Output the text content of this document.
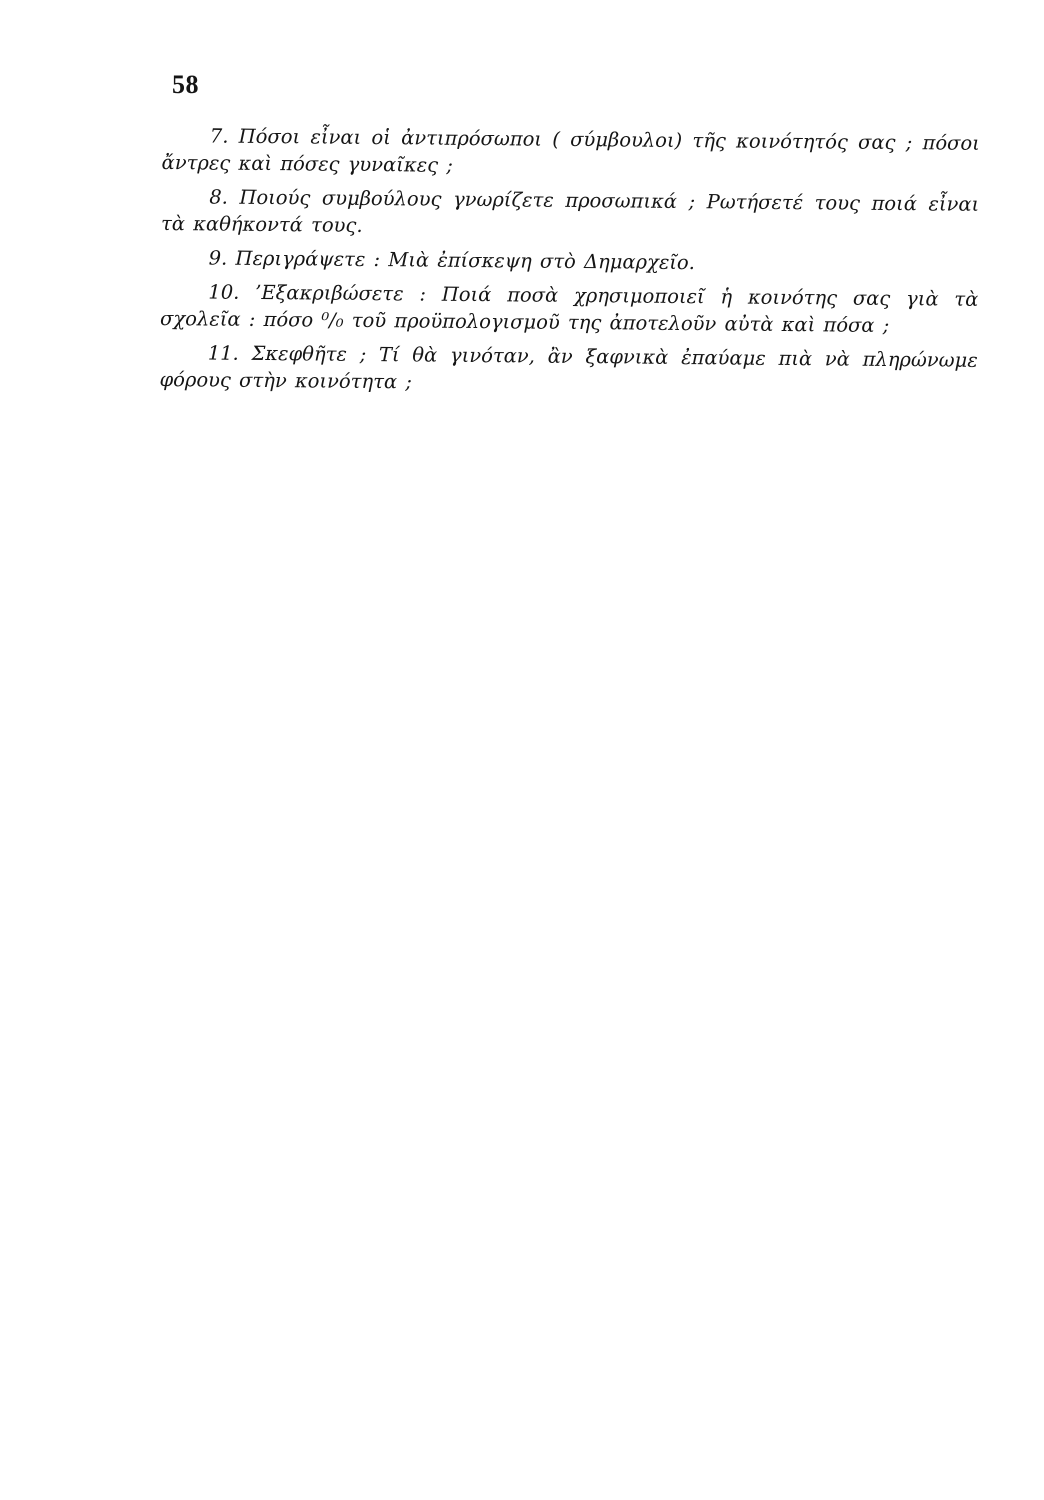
58

7. Πόσοι εἶναι οἱ ἀντιπρόσωποι ( σύμβουλοι) τῆς κοινότητός σας ; πόσοι ἄντρες καὶ πόσες γυναῖκες ;

8. Ποιούς συμβούλους γνωρίζετε προσωπικά ; Ρωτήσετέ τους ποιά εἶναι τὰ καθήκοντά τους.

9. Περιγράψετε : Μιὰ ἐπίσκεψη στὸ Δημαρχεῖο.

10. ’Εξακριβώσετε : Ποιά ποσὰ χρησιμοποιεῖ ἡ κοινότης σας γιὰ τὰ σχολεῖα : πόσο ⁰/₀ τοῦ προϋπολογισμοῦ της ἀποτελοῦν αὐτὰ καὶ πόσα ;

11. Σκεφθῆτε ; Τί θὰ γινόταν, ἂν ξαφνικὰ ἐπαύαμε πιὰ νὰ πληρώνωμε φόρους στὴν κοινότητα ;
